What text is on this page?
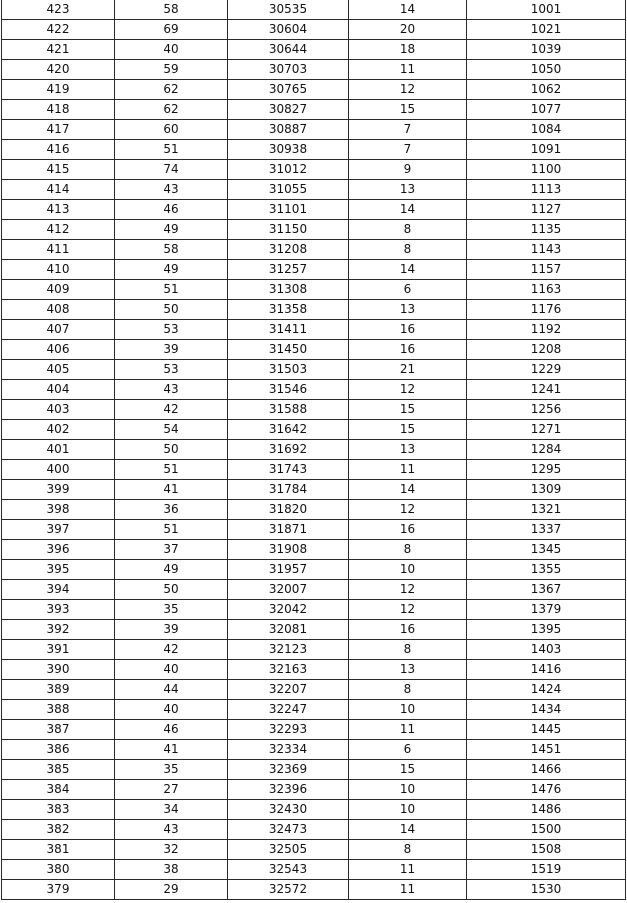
423	58	30535	14	1001
422	69	30604	20	1021
421	40	30644	18	1039
420	59	30703	11	1050
419	62	30765	12	1062
418	62	30827	15	1077
417	60	30887	7	1084
416	51	30938	7	1091
415	74	31012	9	1100
414	43	31055	13	1113
413	46	31101	14	1127
412	49	31150	8	1135
411	58	31208	8	1143
410	49	31257	14	1157
409	51	31308	6	1163
408	50	31358	13	1176
407	53	31411	16	1192
406	39	31450	16	1208
405	53	31503	21	1229
404	43	31546	12	1241
403	42	31588	15	1256
402	54	31642	15	1271
401	50	31692	13	1284
400	51	31743	11	1295
399	41	31784	14	1309
398	36	31820	12	1321
397	51	31871	16	1337
396	37	31908	8	1345
395	49	31957	10	1355
394	50	32007	12	1367
393	35	32042	12	1379
392	39	32081	16	1395
391	42	32123	8	1403
390	40	32163	13	1416
389	44	32207	8	1424
388	40	32247	10	1434
387	46	32293	11	1445
386	41	32334	6	1451
385	35	32369	15	1466
384	27	32396	10	1476
383	34	32430	10	1486
382	43	32473	14	1500
381	32	32505	8	1508
380	38	32543	11	1519
379	29	32572	11	1530
